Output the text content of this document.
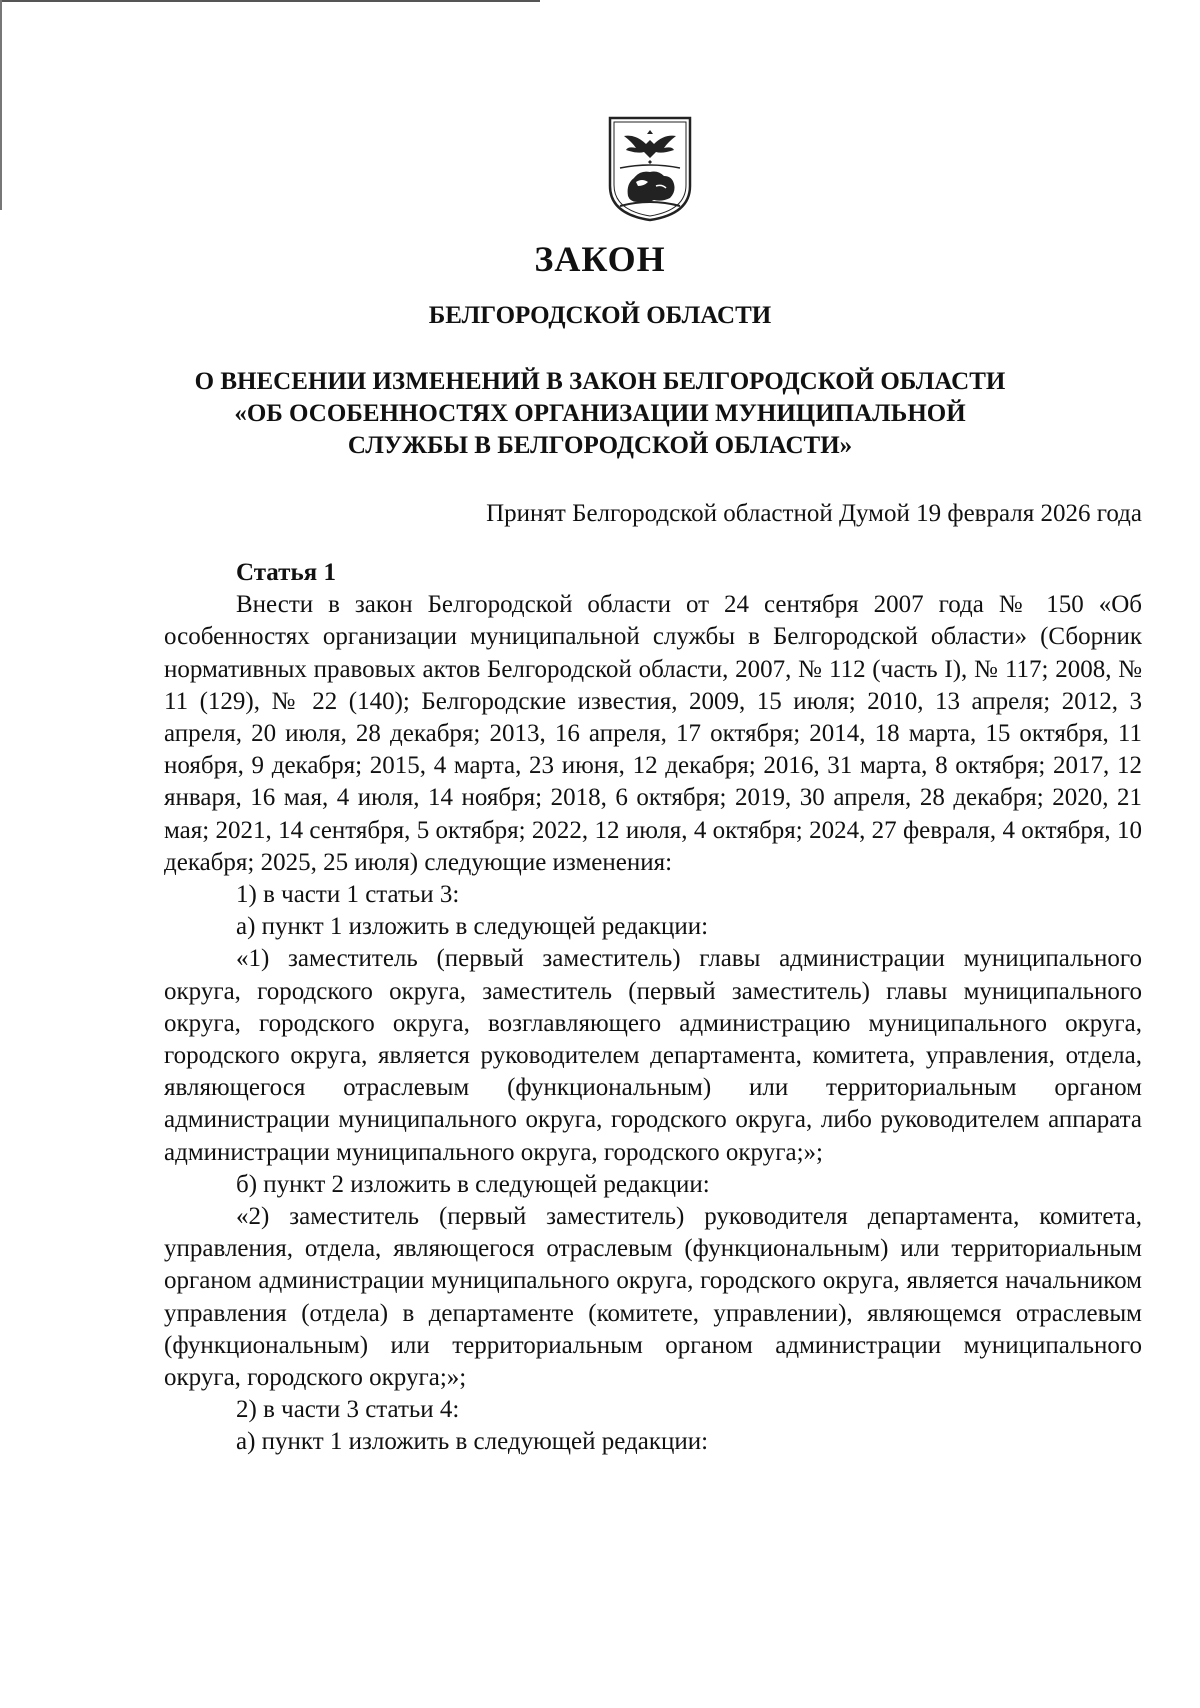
ЗАКОН
БЕЛГОРОДСКОЙ ОБЛАСТИ
О ВНЕСЕНИИ ИЗМЕНЕНИЙ В ЗАКОН БЕЛГОРОДСКОЙ ОБЛАСТИ
«ОБ ОСОБЕННОСТЯХ ОРГАНИЗАЦИИ МУНИЦИПАЛЬНОЙ
СЛУЖБЫ В БЕЛГОРОДСКОЙ ОБЛАСТИ»
Принят Белгородской областной Думой 19 февраля 2026 года

Статья 1

Внести в закон Белгородской области от 24 сентября 2007 года № 150 «Об особенностях организации муниципальной службы в Белгородской области» (Сборник нормативных правовых актов Белгородской области, 2007, № 112 (часть I), № 117; 2008, № 11 (129), № 22 (140); Белгородские известия, 2009, 15 июля; 2010, 13 апреля; 2012, 3 апреля, 20 июля, 28 декабря; 2013, 16 апреля, 17 октября; 2014, 18 марта, 15 октября, 11 ноября, 9 декабря; 2015, 4 марта, 23 июня, 12 декабря; 2016, 31 марта, 8 октября; 2017, 12 января, 16 мая, 4 июля, 14 ноября; 2018, 6 октября; 2019, 30 апреля, 28 декабря; 2020, 21 мая; 2021, 14 сентября, 5 октября; 2022, 12 июля, 4 октября; 2024, 27 февраля, 4 октября, 10 декабря; 2025, 25 июля) следующие изменения:

1) в части 1 статьи 3:

а) пункт 1 изложить в следующей редакции:

«1) заместитель (первый заместитель) главы администрации муниципального округа, городского округа, заместитель (первый заместитель) главы муниципального округа, городского округа, возглавляющего администрацию муниципального округа, городского округа, является руководителем департамента, комитета, управления, отдела, являющегося отраслевым (функциональным) или территориальным органом администрации муниципального округа, городского округа, либо руководителем аппарата администрации муниципального округа, городского округа;»;

б) пункт 2 изложить в следующей редакции:

«2) заместитель (первый заместитель) руководителя департамента, комитета, управления, отдела, являющегося отраслевым (функциональным) или территориальным органом администрации муниципального округа, городского округа, является начальником управления (отдела) в департаменте (комитете, управлении), являющемся отраслевым (функциональным) или территориальным органом администрации муниципального округа, городского округа;»;

2) в части 3 статьи 4:

а) пункт 1 изложить в следующей редакции:
